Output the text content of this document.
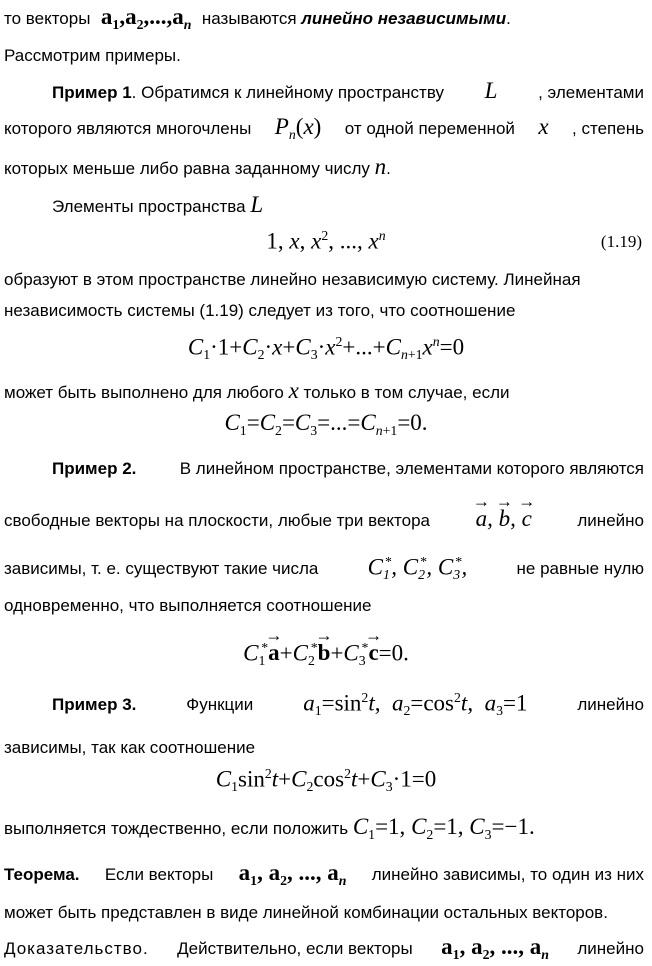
то векторы  $a_1,a_2,...,a_n$ называются линейно независимыми.
Рассмотрим примеры.
Пример 1. Обратимся к линейному пространству L , элементами
которого являются многочлены $P_n(x)$ от одной переменной x , степень
которых меньше либо равна заданному числу n.
Элементы пространства L
1, x, $x^2$, ..., $x^n$	(1.19)
образуют в этом пространстве линейно независимую систему. Линейная
независимость системы (1.19) следует из того, что соотношение
$C_1\cdot 1+C_2\cdot x+C_3\cdot x^2+...+C_{n+1}x^n=0$
может быть выполнено для любого x только в том случае, если
$C_1=C_2=C_3=...=C_{n+1}=0$.
Пример 2.	В линейном пространстве, элементами которого являются
свободные векторы на плоскости, любые три вектора
→ a, → b, → c	линейно
зависимы, т. е. существуют такие числа $C_1^*$, $C_2^*$, $C_3^*$,	не равные нулю
одновременно, что выполняется соотношение
$C_1^*\to a+C_2^*\to b+C_3^*\to c=0$.
Пример 3.	Функции $a_1=\sin^2t$,  $a_2=\cos^2t$,  $a_3=1$	линейно
зависимы, так как соотношение
$C_1\sin^2t+C_2\cos^2t+C_3\cdot 1=0$
выполняется тождественно, если положить $C_1=1$, $C_2=1$, $C_3=-1$.
Теорема. Если векторы $a_1$, $a_2$, ..., $a_n$ линейно зависимы, то один из них
может быть представлен в виде линейной комбинации остальных векторов.
Доказательство. Действительно, если векторы $a_1$, $a_2$, ..., $a_n$ линейно
